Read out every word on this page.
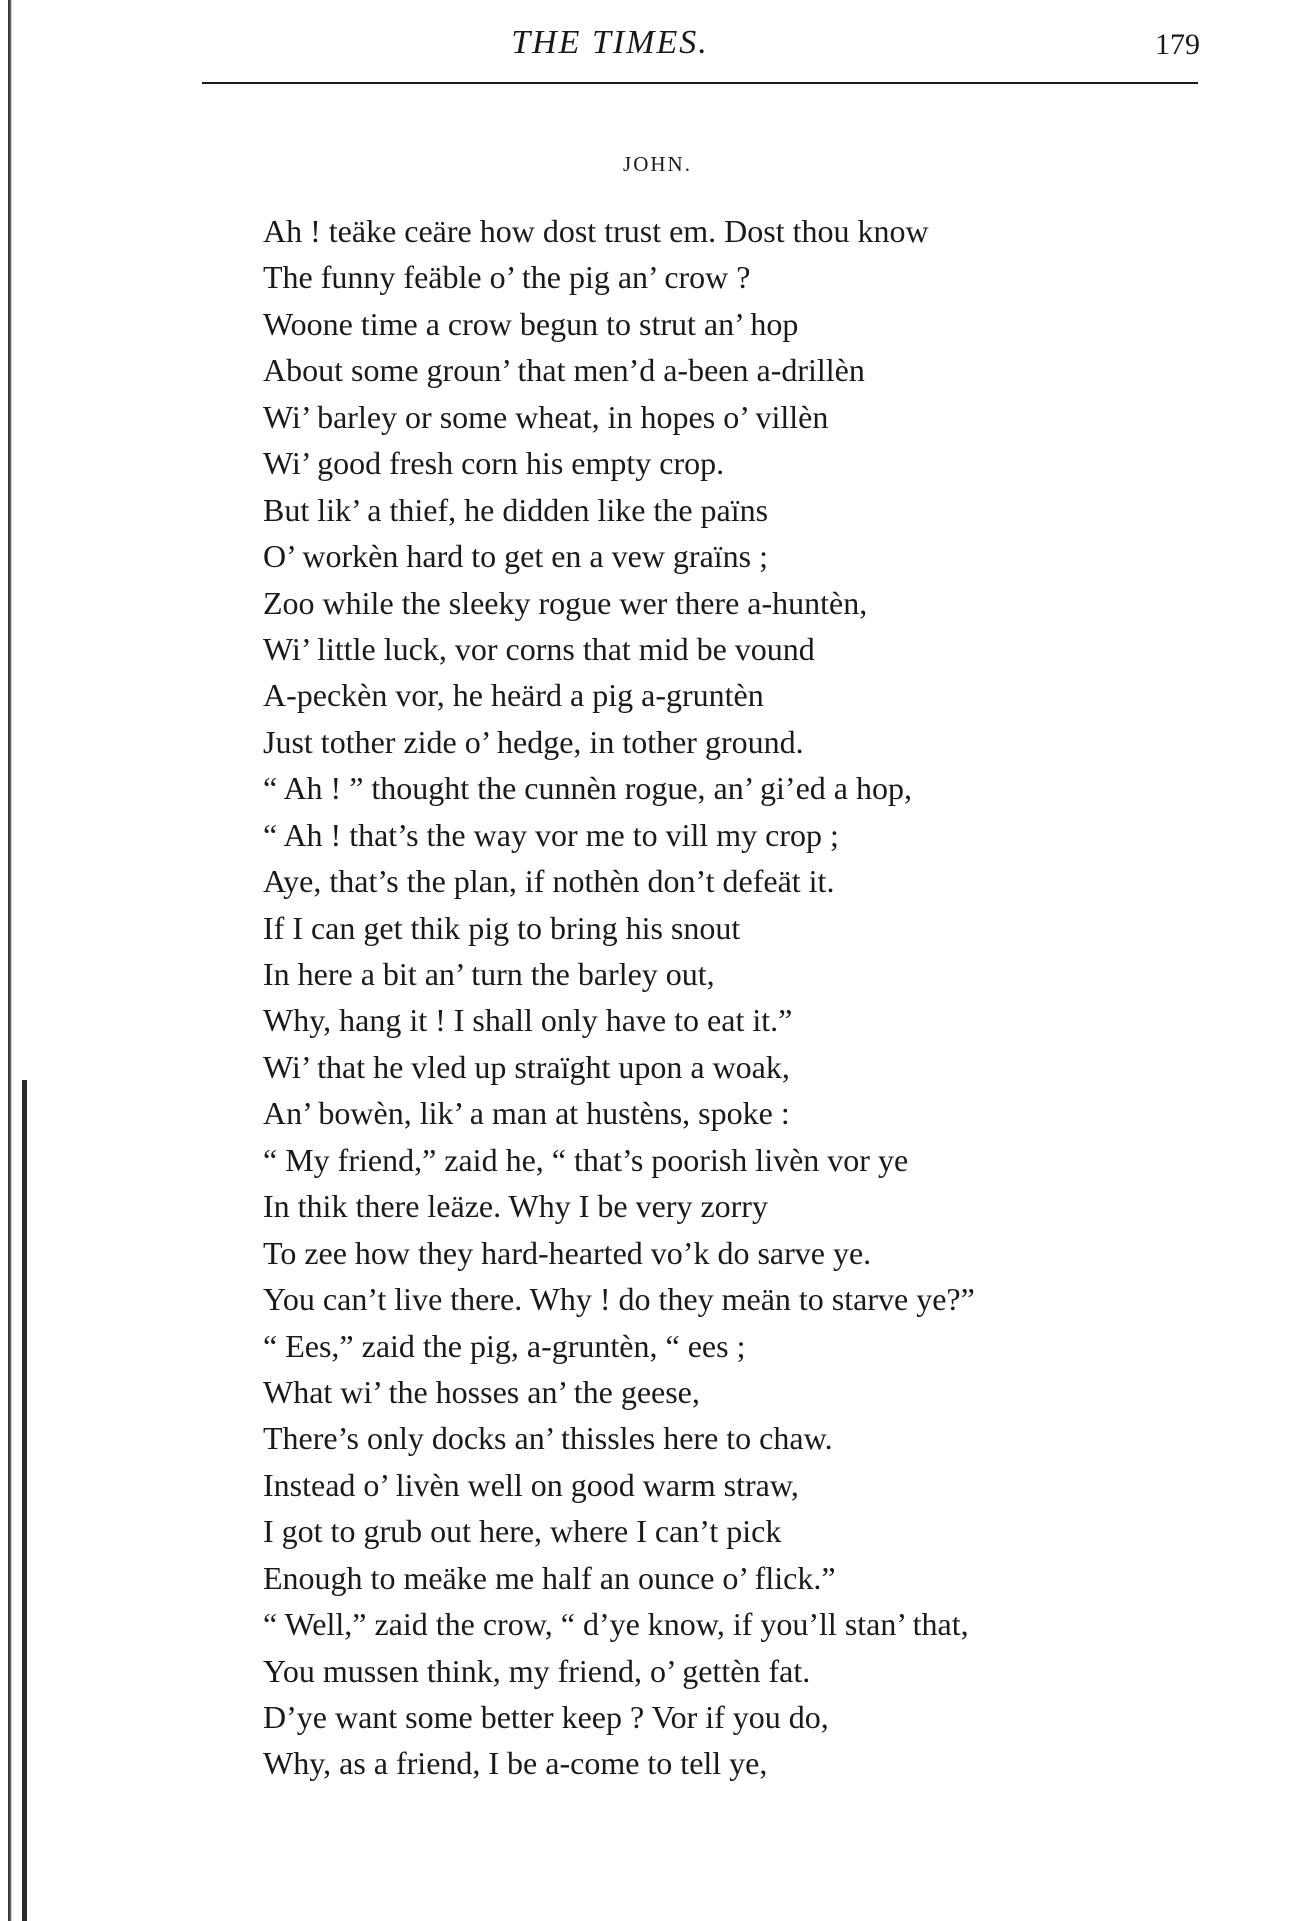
THE TIMES.	179
JOHN.
Ah ! teäke ceäre how dost trust em. Dost thou know
The funny feäble o’ the pig an’ crow ?
Woone time a crow begun to strut an’ hop
About some groun’ that men’d a-been a-drillèn
Wi’ barley or some wheat, in hopes o’ villèn
Wi’ good fresh corn his empty crop.
But lik’ a thief, he didden like the païns
O’ workèn hard to get en a vew graïns ;
Zoo while the sleeky rogue wer there a-huntèn,
Wi’ little luck, vor corns that mid be vound
A-peckèn vor, he heärd a pig a-gruntèn
Just tother zide o’ hedge, in tother ground.
“ Ah ! ” thought the cunnèn rogue, an’ gi’ed a hop,
“ Ah ! that’s the way vor me to vill my crop ;
Aye, that’s the plan, if nothèn don’t defeät it.
If I can get thik pig to bring his snout
In here a bit an’ turn the barley out,
Why, hang it ! I shall only have to eat it.”
Wi’ that he vled up straïght upon a woak,
An’ bowèn, lik’ a man at hustèns, spoke :
“ My friend,” zaid he, “ that’s poorish livèn vor ye
In thik there leäze. Why I be very zorry
To zee how they hard-hearted vo’k do sarve ye.
You can’t live there. Why ! do they meän to starve ye?”
“ Ees,” zaid the pig, a-gruntèn, “ ees ;
What wi’ the hosses an’ the geese,
There’s only docks an’ thissles here to chaw.
Instead o’ livèn well on good warm straw,
I got to grub out here, where I can’t pick
Enough to meäke me half an ounce o’ flick.”
“ Well,” zaid the crow, “ d’ye know, if you’ll stan’ that,
You mussen think, my friend, o’ gettèn fat.
D’ye want some better keep ? Vor if you do,
Why, as a friend, I be a-come to tell ye,
